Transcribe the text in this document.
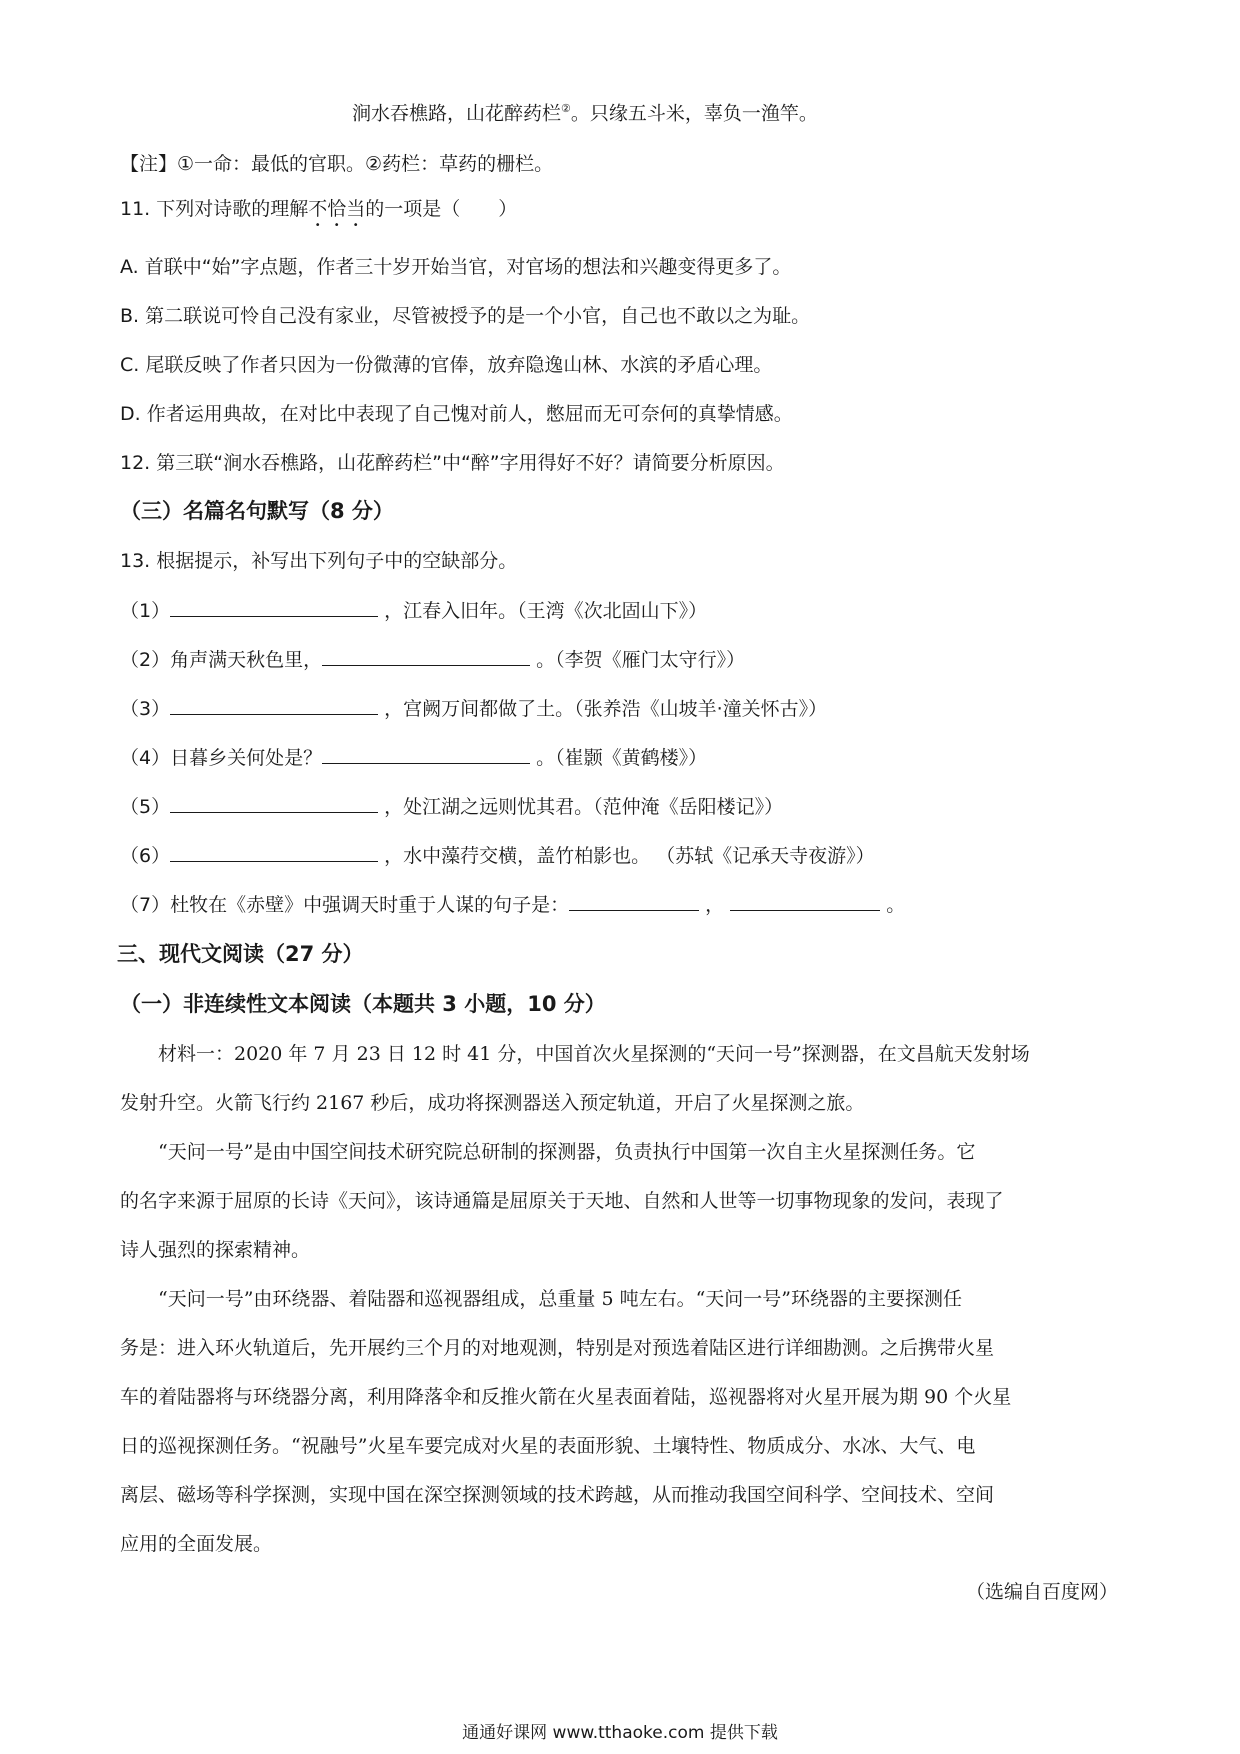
涧水吞樵路，山花醉药栏②。只缘五斗米，辜负一渔竿。
【注】①一命：最低的官职。②药栏：草药的栅栏。
11. 下列对诗歌的理解不恰当的一项是（　　）
A. 首联中“始”字点题，作者三十岁开始当官，对官场的想法和兴趣变得更多了。
B. 第二联说可怜自己没有家业，尽管被授予的是一个小官，自己也不敢以之为耻。
C. 尾联反映了作者只因为一份微薄的官俸，放弃隐逸山林、水滨的矛盾心理。
D. 作者运用典故，在对比中表现了自己愧对前人，憋屈而无可奈何的真挚情感。
12. 第三联“涧水吞樵路，山花醉药栏”中“醉”字用得好不好？请简要分析原因。
（三）名篇名句默写（8 分）
13. 根据提示，补写出下列句子中的空缺部分。
（1）	，江春入旧年。（王湾《次北固山下》）
（2）角声满天秋色里，	。（李贺《雁门太守行》）
（3）	，宫阙万间都做了土。（张养浩《山坡羊·潼关怀古》）
（4）日暮乡关何处是？	。（崔颢《黄鹤楼》）
（5）	，处江湖之远则忧其君。（范仲淹《岳阳楼记》）
（6）	，水中藻荇交横，盖竹柏影也。 （苏轼《记承天寺夜游》）
（7）杜牧在《赤壁》中强调天时重于人谋的句子是：	，	。
三、现代文阅读（27 分）
（一）非连续性文本阅读（本题共 3 小题，10 分）
材料一：2020 年 7 月 23 日 12 时 41 分，中国首次火星探测的“天问一号”探测器，在文昌航天发射场
发射升空。火箭飞行约 2167 秒后，成功将探测器送入预定轨道，开启了火星探测之旅。
“天问一号”是由中国空间技术研究院总研制的探测器，负责执行中国第一次自主火星探测任务。它
的名字来源于屈原的长诗《天问》，该诗通篇是屈原关于天地、自然和人世等一切事物现象的发问，表现了
诗人强烈的探索精神。
“天问一号”由环绕器、着陆器和巡视器组成，总重量 5 吨左右。“天问一号”环绕器的主要探测任
务是：进入环火轨道后，先开展约三个月的对地观测，特别是对预选着陆区进行详细勘测。之后携带火星
车的着陆器将与环绕器分离，利用降落伞和反推火箭在火星表面着陆，巡视器将对火星开展为期 90 个火星
日的巡视探测任务。“祝融号”火星车要完成对火星的表面形貌、土壤特性、物质成分、水冰、大气、电
离层、磁场等科学探测，实现中国在深空探测领域的技术跨越，从而推动我国空间科学、空间技术、空间
应用的全面发展。
（选编自百度网）
通通好课网 www.tthaoke.com 提供下载
